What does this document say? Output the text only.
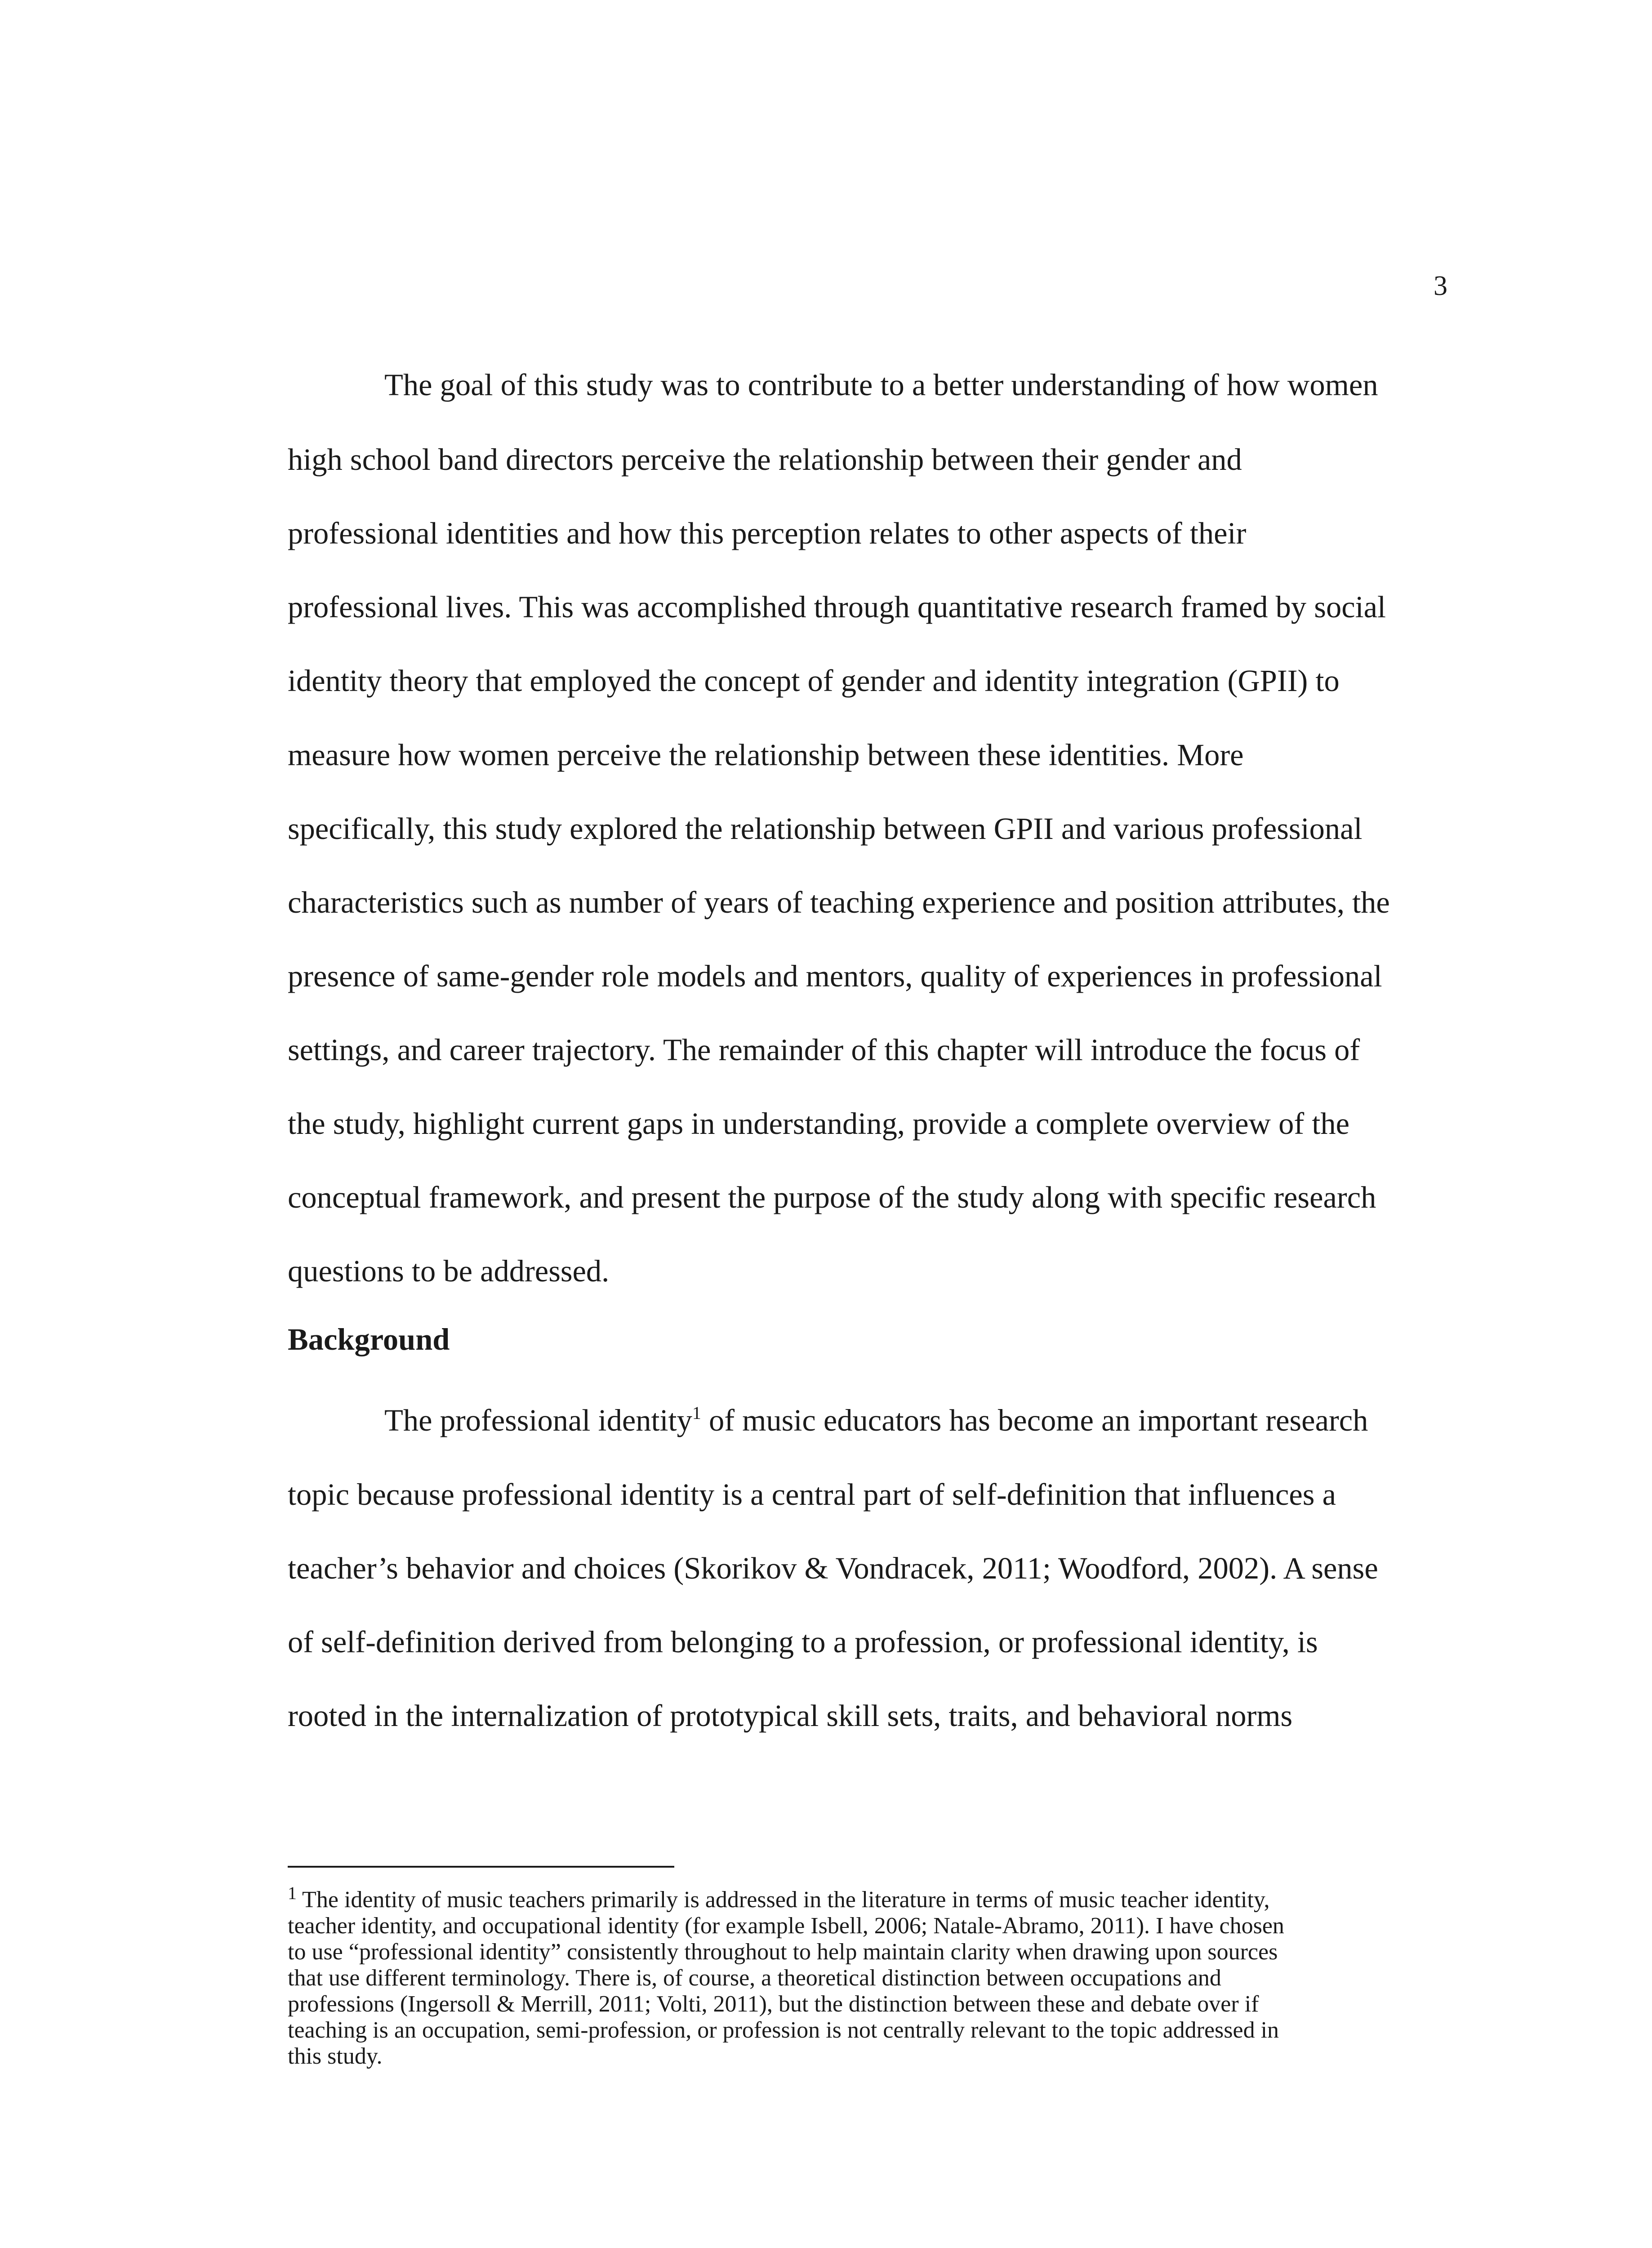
3
The goal of this study was to contribute to a better understanding of how women
high school band directors perceive the relationship between their gender and
professional identities and how this perception relates to other aspects of their
professional lives. This was accomplished through quantitative research framed by social
identity theory that employed the concept of gender and identity integration (GPII) to
measure how women perceive the relationship between these identities. More
specifically, this study explored the relationship between GPII and various professional
characteristics such as number of years of teaching experience and position attributes, the
presence of same-gender role models and mentors, quality of experiences in professional
settings, and career trajectory. The remainder of this chapter will introduce the focus of
the study, highlight current gaps in understanding, provide a complete overview of the
conceptual framework, and present the purpose of the study along with specific research
questions to be addressed.
Background
The professional identity$^1$ of music educators has become an important research
topic because professional identity is a central part of self-definition that influences a
teacher’s behavior and choices (Skorikov & Vondracek, 2011; Woodford, 2002). A sense
of self-definition derived from belonging to a profession, or professional identity, is
rooted in the internalization of prototypical skill sets, traits, and behavioral norms
$^1$ The identity of music teachers primarily is addressed in the literature in terms of music teacher identity,
teacher identity, and occupational identity (for example Isbell, 2006; Natale-Abramo, 2011). I have chosen
to use “professional identity” consistently throughout to help maintain clarity when drawing upon sources
that use different terminology. There is, of course, a theoretical distinction between occupations and
professions (Ingersoll & Merrill, 2011; Volti, 2011), but the distinction between these and debate over if
teaching is an occupation, semi-profession, or profession is not centrally relevant to the topic addressed in
this study.
